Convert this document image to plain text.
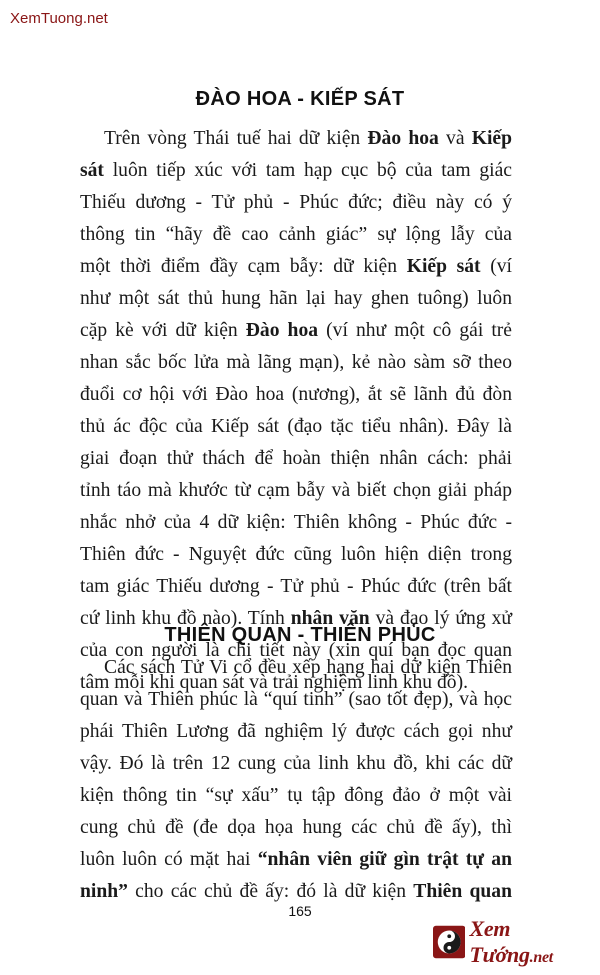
XemTuong.net
ĐÀO HOA - KIẾP SÁT
Trên vòng Thái tuế hai dữ kiện Đào hoa và Kiếp
sát luôn tiếp xúc với tam hạp cục bộ của tam giác
Thiếu dương - Tử phủ - Phúc đức; điều này có ý
thông tin “hãy đề cao cảnh giác” sự lộng lẫy của
một thời điểm đầy cạm bẫy: dữ kiện Kiếp sát (ví
như một sát thủ hung hãn lại hay ghen tuông) luôn
cặp kè với dữ kiện Đào hoa (ví như một cô gái trẻ
nhan sắc bốc lửa mà lãng mạn), kẻ nào sàm sỡ theo
đuổi cơ hội với Đào hoa (nương), ắt sẽ lãnh đủ đòn
thủ ác độc của Kiếp sát (đạo tặc tiểu nhân). Đây là
giai đoạn thử thách để hoàn thiện nhân cách: phải
tỉnh táo mà khước từ cạm bẫy và biết chọn giải pháp
nhắc nhở của 4 dữ kiện: Thiên không - Phúc đức -
Thiên đức - Nguyệt đức cũng luôn hiện diện trong
tam giác Thiếu dương - Tử phủ - Phúc đức (trên bất
cứ linh khu đồ nào). Tính nhân văn và đạo lý ứng xử
của con người là chi tiết này (xin quí bạn đọc quan
tâm mỗi khi quan sát và trải nghiệm linh khu đồ).
THIÊN QUAN - THIÊN PHÚC
Các sách Tử Vi cổ đều xếp hạng hai dữ kiện Thiên
quan và Thiên phúc là “quí tinh” (sao tốt đẹp), và học
phái Thiên Lương đã nghiệm lý được cách gọi như
vậy. Đó là trên 12 cung của linh khu đồ, khi các dữ
kiện thông tin “sự xấu” tụ tập đông đảo ở một vài
cung chủ đề (đe dọa họa hung các chủ đề ấy), thì
luôn luôn có mặt hai “nhân viên giữ gìn trật tự an
ninh” cho các chủ đề ấy: đó là dữ kiện Thiên quan
165
Xem Tướng.net
